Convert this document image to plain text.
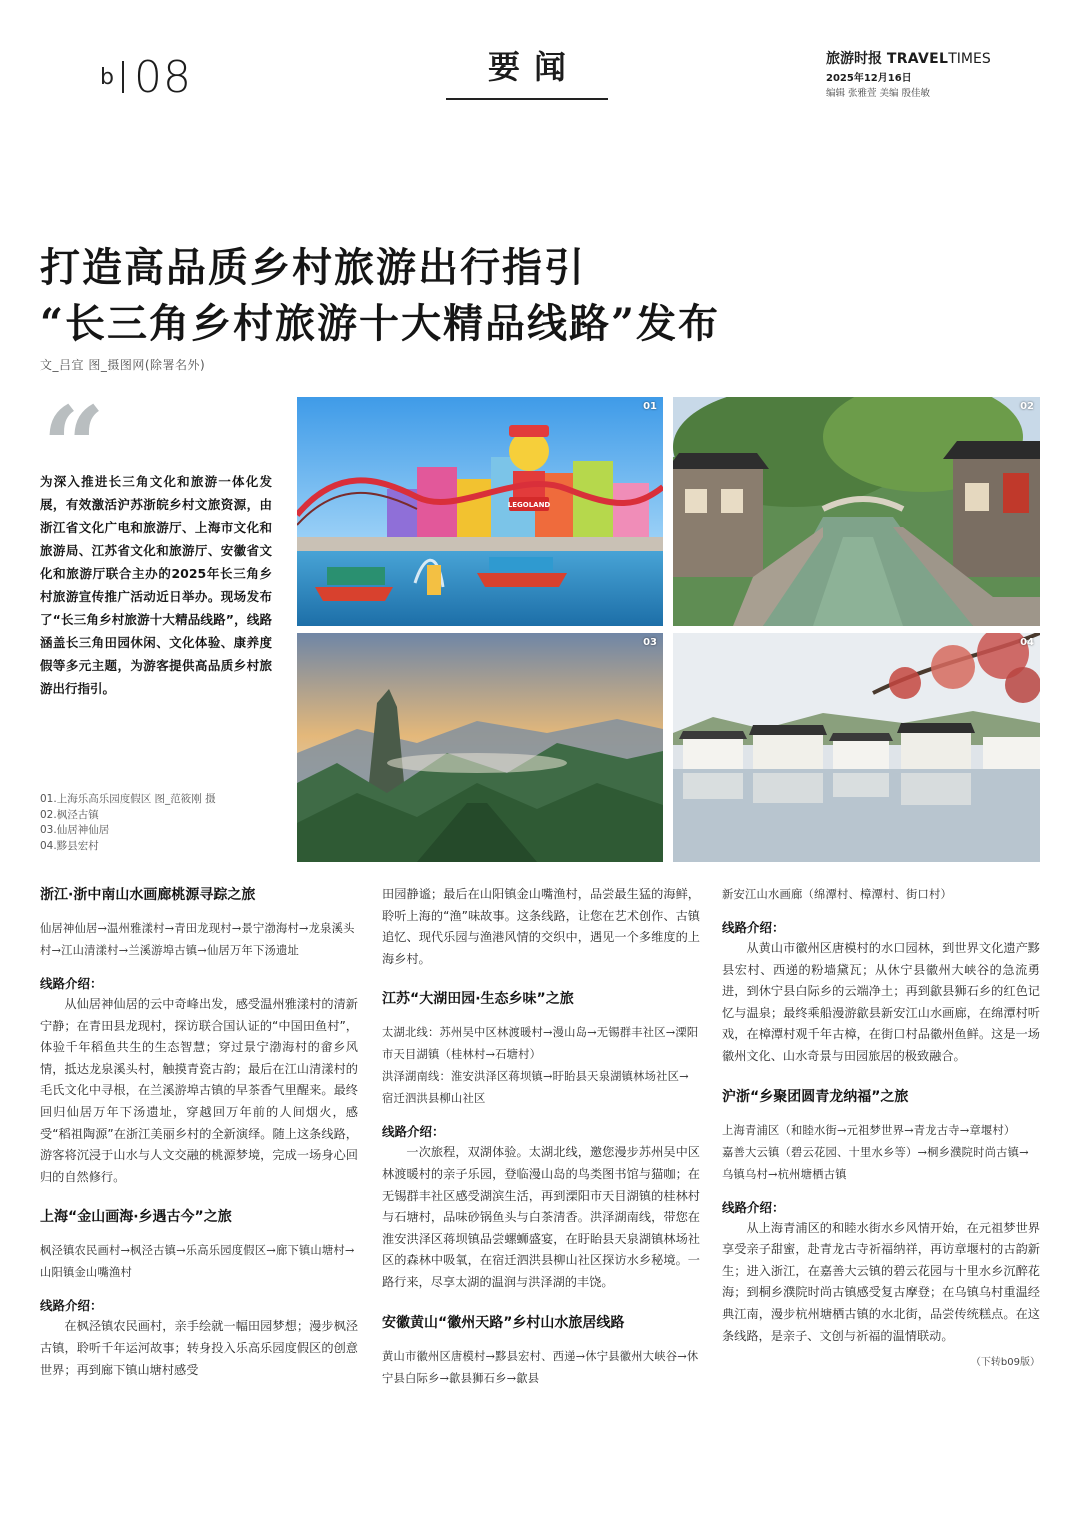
b 08	要闻	旅游时报 TRAVELTIMES
2025年12月16日
编辑 张雅萱 美编 殷佳敏
打造高品质乡村旅游出行指引
“长三角乡村旅游十大精品线路”发布
文_吕宜 图_摄图网(除署名外)
“
为深入推进长三角文化和旅游一体化发展，有效激活沪苏浙皖乡村文旅资源，由浙江省文化广电和旅游厅、上海市文化和旅游局、江苏省文化和旅游厅、安徽省文化和旅游厅联合主办的2025年长三角乡村旅游宣传推广活动近日举办。现场发布了“长三角乡村旅游十大精品线路”，线路涵盖长三角田园休闲、文化体验、康养度假等多元主题，为游客提供高品质乡村旅游出行指引。
01.上海乐高乐园度假区 图_范筱刚 摄
02.枫泾古镇
03.仙居神仙居
04.黟县宏村
LEGOLAND
01	02
03	04
浙江·浙中南山水画廊桃源寻踪之旅
仙居神仙居→温州雅漾村→青田龙现村→景宁渤海村→龙泉溪头村→江山清漾村→兰溪游埠古镇→仙居万年下汤遗址
线路介绍：
从仙居神仙居的云中奇峰出发，感受温州雅漾村的清新宁静；在青田县龙现村，探访联合国认证的“中国田鱼村”，体验千年稻鱼共生的生态智慧；穿过景宁渤海村的畲乡风情，抵达龙泉溪头村，触摸青瓷古韵；最后在江山清漾村的毛氏文化中寻根，在兰溪游埠古镇的早茶香气里醒来。最终回归仙居万年下汤遗址，穿越回万年前的人间烟火，感受“稻祖陶源”在浙江美丽乡村的全新演绎。随上这条线路，游客将沉浸于山水与人文交融的桃源梦境，完成一场身心回归的自然修行。
上海“金山画海·乡遇古今”之旅
枫泾镇农民画村→枫泾古镇→乐高乐园度假区→廊下镇山塘村→山阳镇金山嘴渔村
线路介绍：
在枫泾镇农民画村，亲手绘就一幅田园梦想；漫步枫泾古镇，聆听千年运河故事；转身投入乐高乐园度假区的创意世界；再到廊下镇山塘村感受
田园静谧；最后在山阳镇金山嘴渔村，品尝最生猛的海鲜，聆听上海的“渔”味故事。这条线路，让您在艺术创作、古镇追忆、现代乐园与渔港风情的交织中，遇见一个多维度的上海乡村。
江苏“大湖田园·生态乡味”之旅
太湖北线：苏州吴中区林渡暖村→漫山岛→无锡群丰社区→溧阳市天目湖镇（桂林村→石塘村）
洪泽湖南线：淮安洪泽区蒋坝镇→盱眙县天泉湖镇林场社区→宿迁泗洪县柳山社区
线路介绍：
一次旅程，双湖体验。太湖北线，邀您漫步苏州吴中区林渡暖村的亲子乐园，登临漫山岛的鸟类图书馆与猫咖；在无锡群丰社区感受湖滨生活，再到溧阳市天目湖镇的桂林村与石塘村，品味砂锅鱼头与白茶清香。洪泽湖南线，带您在淮安洪泽区蒋坝镇品尝螺蛳盛宴，在盱眙县天泉湖镇林场社区的森林中吸氧，在宿迁泗洪县柳山社区探访水乡秘境。一路行来，尽享太湖的温润与洪泽湖的丰饶。
安徽黄山“徽州天路”乡村山水旅居线路
黄山市徽州区唐模村→黟县宏村、西递→休宁县徽州大峡谷→休宁县白际乡→歙县狮石乡→歙县
新安江山水画廊（绵潭村、樟潭村、街口村）
线路介绍：
从黄山市徽州区唐模村的水口园林，到世界文化遗产黟县宏村、西递的粉墙黛瓦；从休宁县徽州大峡谷的急流勇进，到休宁县白际乡的云端净土；再到歙县狮石乡的红色记忆与温泉；最终乘船漫游歙县新安江山水画廊，在绵潭村听戏，在樟潭村观千年古樟，在街口村品徽州鱼鲜。这是一场徽州文化、山水奇景与田园旅居的极致融合。
沪浙“乡聚团圆青龙纳福”之旅
上海青浦区（和睦水街→元祖梦世界→青龙古寺→章堰村）
嘉善大云镇（碧云花园、十里水乡等）→桐乡濮院时尚古镇→乌镇乌村→杭州塘栖古镇
线路介绍：
从上海青浦区的和睦水街水乡风情开始，在元祖梦世界享受亲子甜蜜，赴青龙古寺祈福纳祥，再访章堰村的古韵新生；进入浙江，在嘉善大云镇的碧云花园与十里水乡沉醉花海；到桐乡濮院时尚古镇感受复古摩登；在乌镇乌村重温经典江南，漫步杭州塘栖古镇的水北街，品尝传统糕点。在这条线路，是亲子、文创与祈福的温情联动。
（下转b09版）
